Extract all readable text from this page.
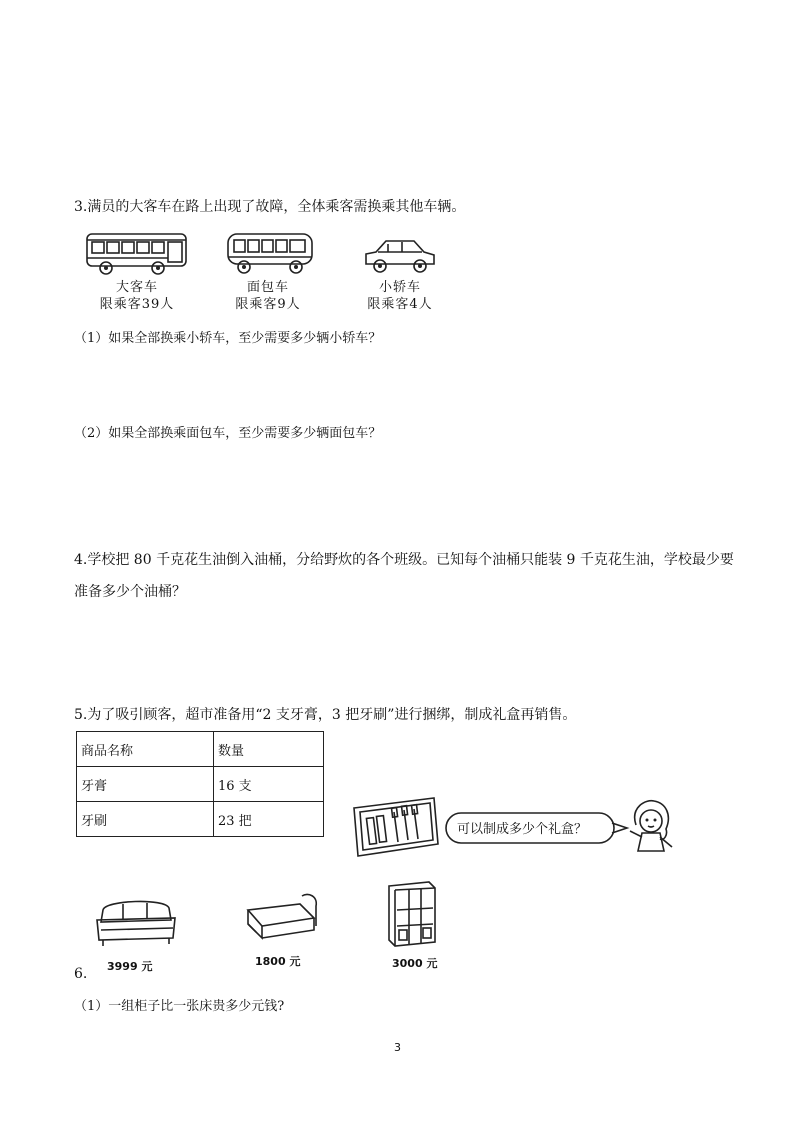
3.满员的大客车在路上出现了故障，全体乘客需换乘其他车辆。
大客车
限乘客39人
面包车
限乘客9人
小轿车
限乘客4人
（1）如果全部换乘小轿车，至少需要多少辆小轿车？
（2）如果全部换乘面包车，至少需要多少辆面包车？
4.学校把 80 千克花生油倒入油桶，分给野炊的各个班级。已知每个油桶只能装 9 千克花生油，学校最少要
准备多少个油桶？
5.为了吸引顾客，超市准备用“2 支牙膏，3 把牙刷”进行捆绑，制成礼盒再销售。
商品名称	数量
牙膏	16 支
牙刷	23 把
可以制成多少个礼盒？
3999 元	1800 元	3000 元
6.
（1）一组柜子比一张床贵多少元钱?
3
